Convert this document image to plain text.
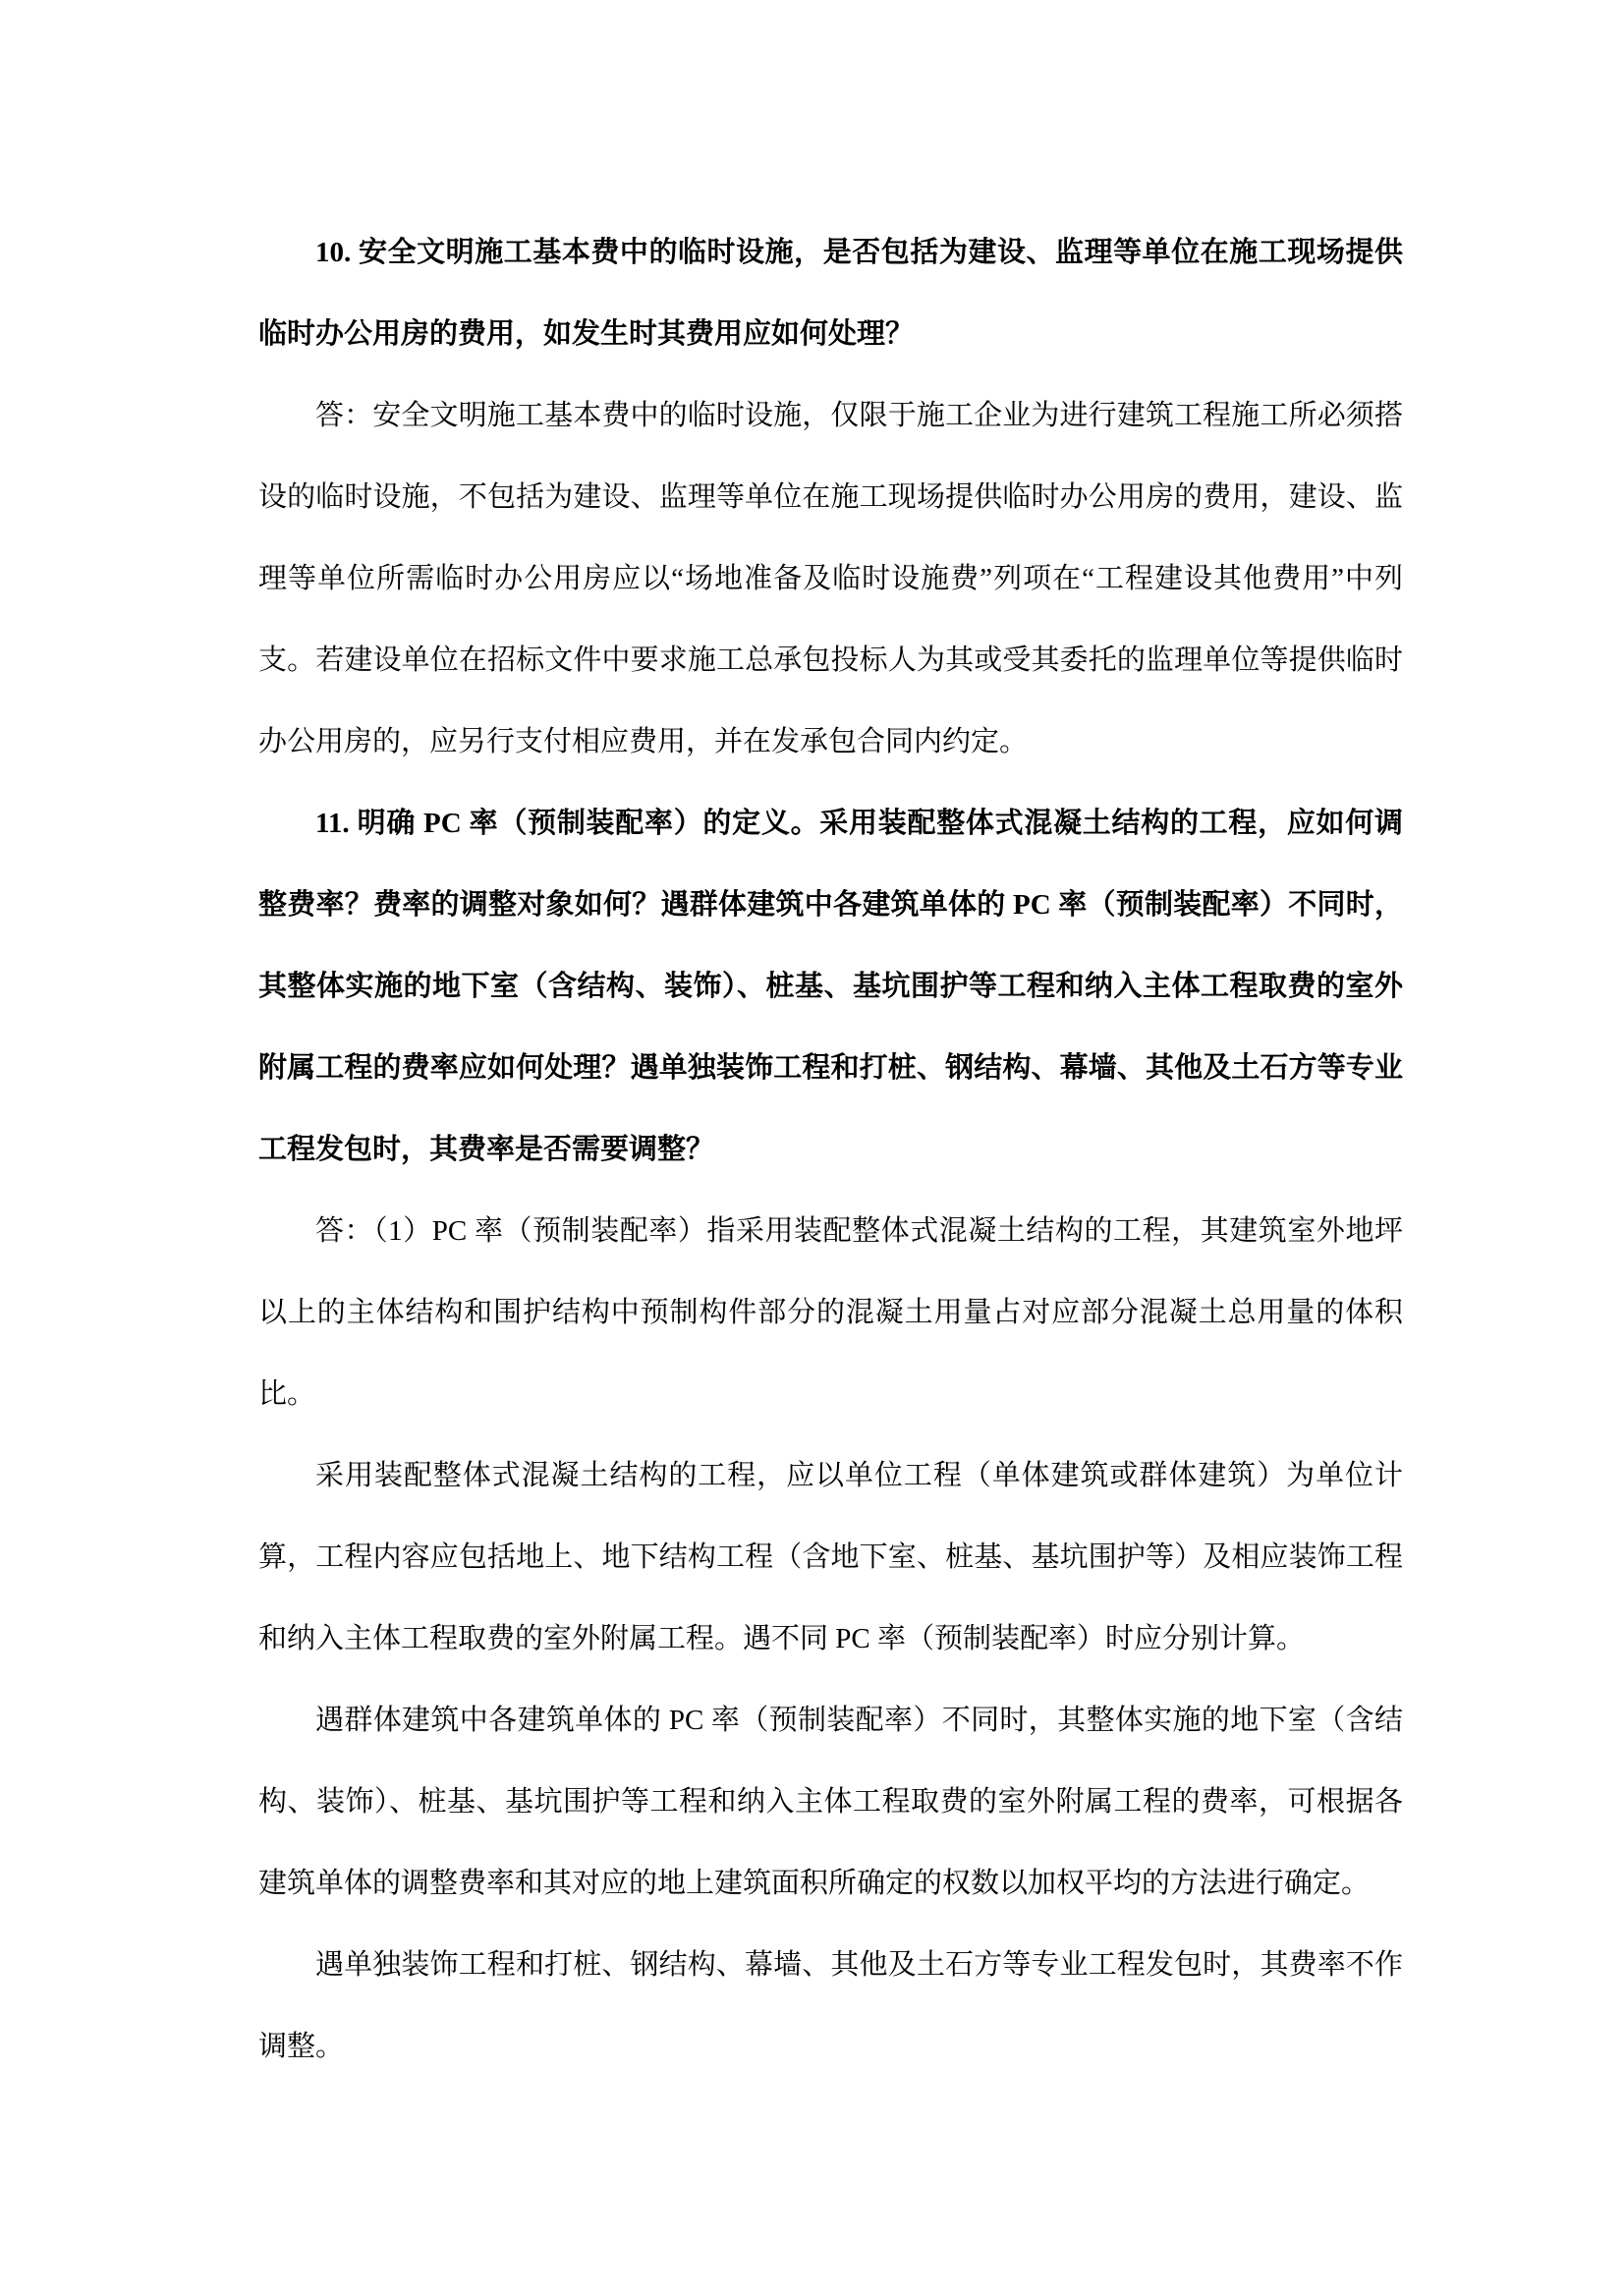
10. 安全文明施工基本费中的临时设施，是否包括为建设、监理等单位在施工现场提供临时办公用房的费用，如发生时其费用应如何处理？

答：安全文明施工基本费中的临时设施，仅限于施工企业为进行建筑工程施工所必须搭设的临时设施，不包括为建设、监理等单位在施工现场提供临时办公用房的费用，建设、监理等单位所需临时办公用房应以“场地准备及临时设施费”列项在“工程建设其他费用”中列支。若建设单位在招标文件中要求施工总承包投标人为其或受其委托的监理单位等提供临时办公用房的，应另行支付相应费用，并在发承包合同内约定。

11. 明确 PC 率（预制装配率）的定义。采用装配整体式混凝土结构的工程，应如何调整费率？费率的调整对象如何？遇群体建筑中各建筑单体的 PC 率（预制装配率）不同时，其整体实施的地下室（含结构、装饰）、桩基、基坑围护等工程和纳入主体工程取费的室外附属工程的费率应如何处理？遇单独装饰工程和打桩、钢结构、幕墙、其他及土石方等专业工程发包时，其费率是否需要调整？

答：（1）PC 率（预制装配率）指采用装配整体式混凝土结构的工程，其建筑室外地坪以上的主体结构和围护结构中预制构件部分的混凝土用量占对应部分混凝土总用量的体积比。

采用装配整体式混凝土结构的工程，应以单位工程（单体建筑或群体建筑）为单位计算，工程内容应包括地上、地下结构工程（含地下室、桩基、基坑围护等）及相应装饰工程和纳入主体工程取费的室外附属工程。遇不同 PC 率（预制装配率）时应分别计算。

遇群体建筑中各建筑单体的 PC 率（预制装配率）不同时，其整体实施的地下室（含结构、装饰）、桩基、基坑围护等工程和纳入主体工程取费的室外附属工程的费率，可根据各建筑单体的调整费率和其对应的地上建筑面积所确定的权数以加权平均的方法进行确定。

遇单独装饰工程和打桩、钢结构、幕墙、其他及土石方等专业工程发包时，其费率不作调整。
